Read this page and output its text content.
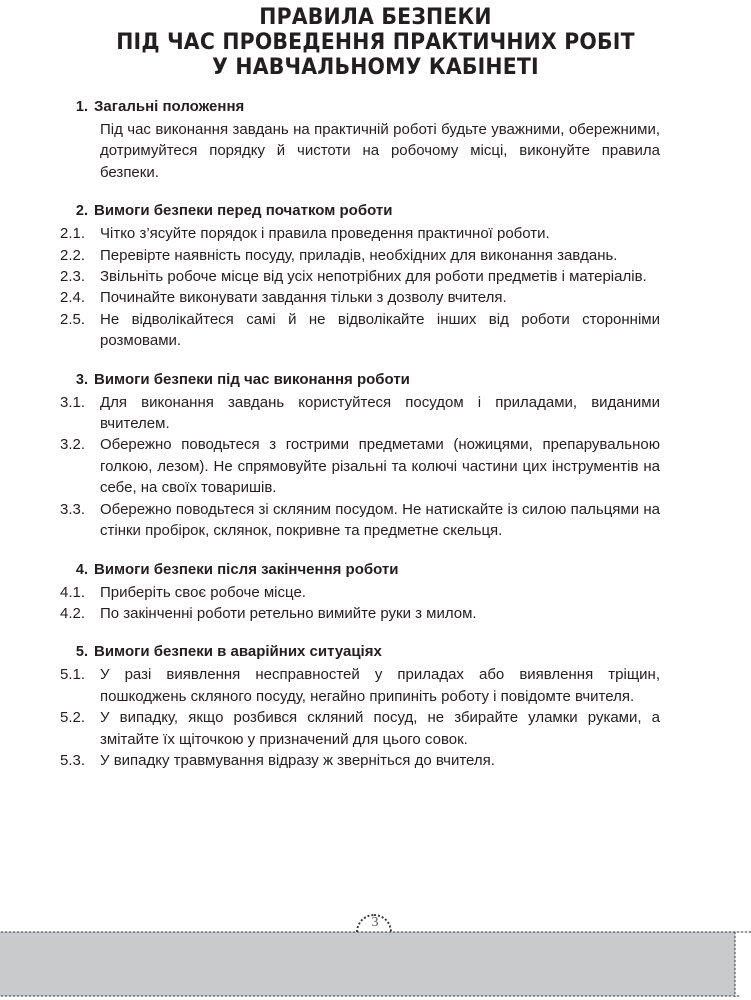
ПРАВИЛА БЕЗПЕКИ
ПІД ЧАС ПРОВЕДЕННЯ ПРАКТИЧНИХ РОБІТ
У НАВЧАЛЬНОМУ КАБІНЕТІ
1. Загальні положення
Під час виконання завдань на практичній роботі будьте уважними, обережними, дотримуйтеся порядку й чистоти на робочому місці, виконуйте правила безпеки.
2. Вимоги безпеки перед початком роботи
2.1. Чітко з’ясуйте порядок і правила проведення практичної роботи.
2.2. Перевірте наявність посуду, приладів, необхідних для виконання завдань.
2.3. Звільніть робоче місце від усіх непотрібних для роботи предметів і матеріалів.
2.4. Починайте виконувати завдання тільки з дозволу вчителя.
2.5. Не відволікайтеся самі й не відволікайте інших від роботи сторонніми розмовами.
3. Вимоги безпеки під час виконання роботи
3.1. Для виконання завдань користуйтеся посудом і приладами, виданими вчителем.
3.2. Обережно поводьтеся з гострими предметами (ножицями, препарувальною голкою, лезом). Не спрямовуйте різальні та колючі частини цих інструментів на себе, на своїх товаришів.
3.3. Обережно поводьтеся зі скляним посудом. Не натискайте із силою пальцями на стінки пробірок, склянок, покривне та предметне скельця.
4. Вимоги безпеки після закінчення роботи
4.1. Приберіть своє робоче місце.
4.2. По закінченні роботи ретельно вимийте руки з милом.
5. Вимоги безпеки в аварійних ситуаціях
5.1. У разі виявлення несправностей у приладах або виявлення тріщин, пошкоджень скляного посуду, негайно припиніть роботу і повідомте вчителя.
5.2. У випадку, якщо розбився скляний посуд, не збирайте уламки руками, а змітайте їх щіточкою у призначений для цього совок.
5.3. У випадку травмування відразу ж зверніться до вчителя.
3
